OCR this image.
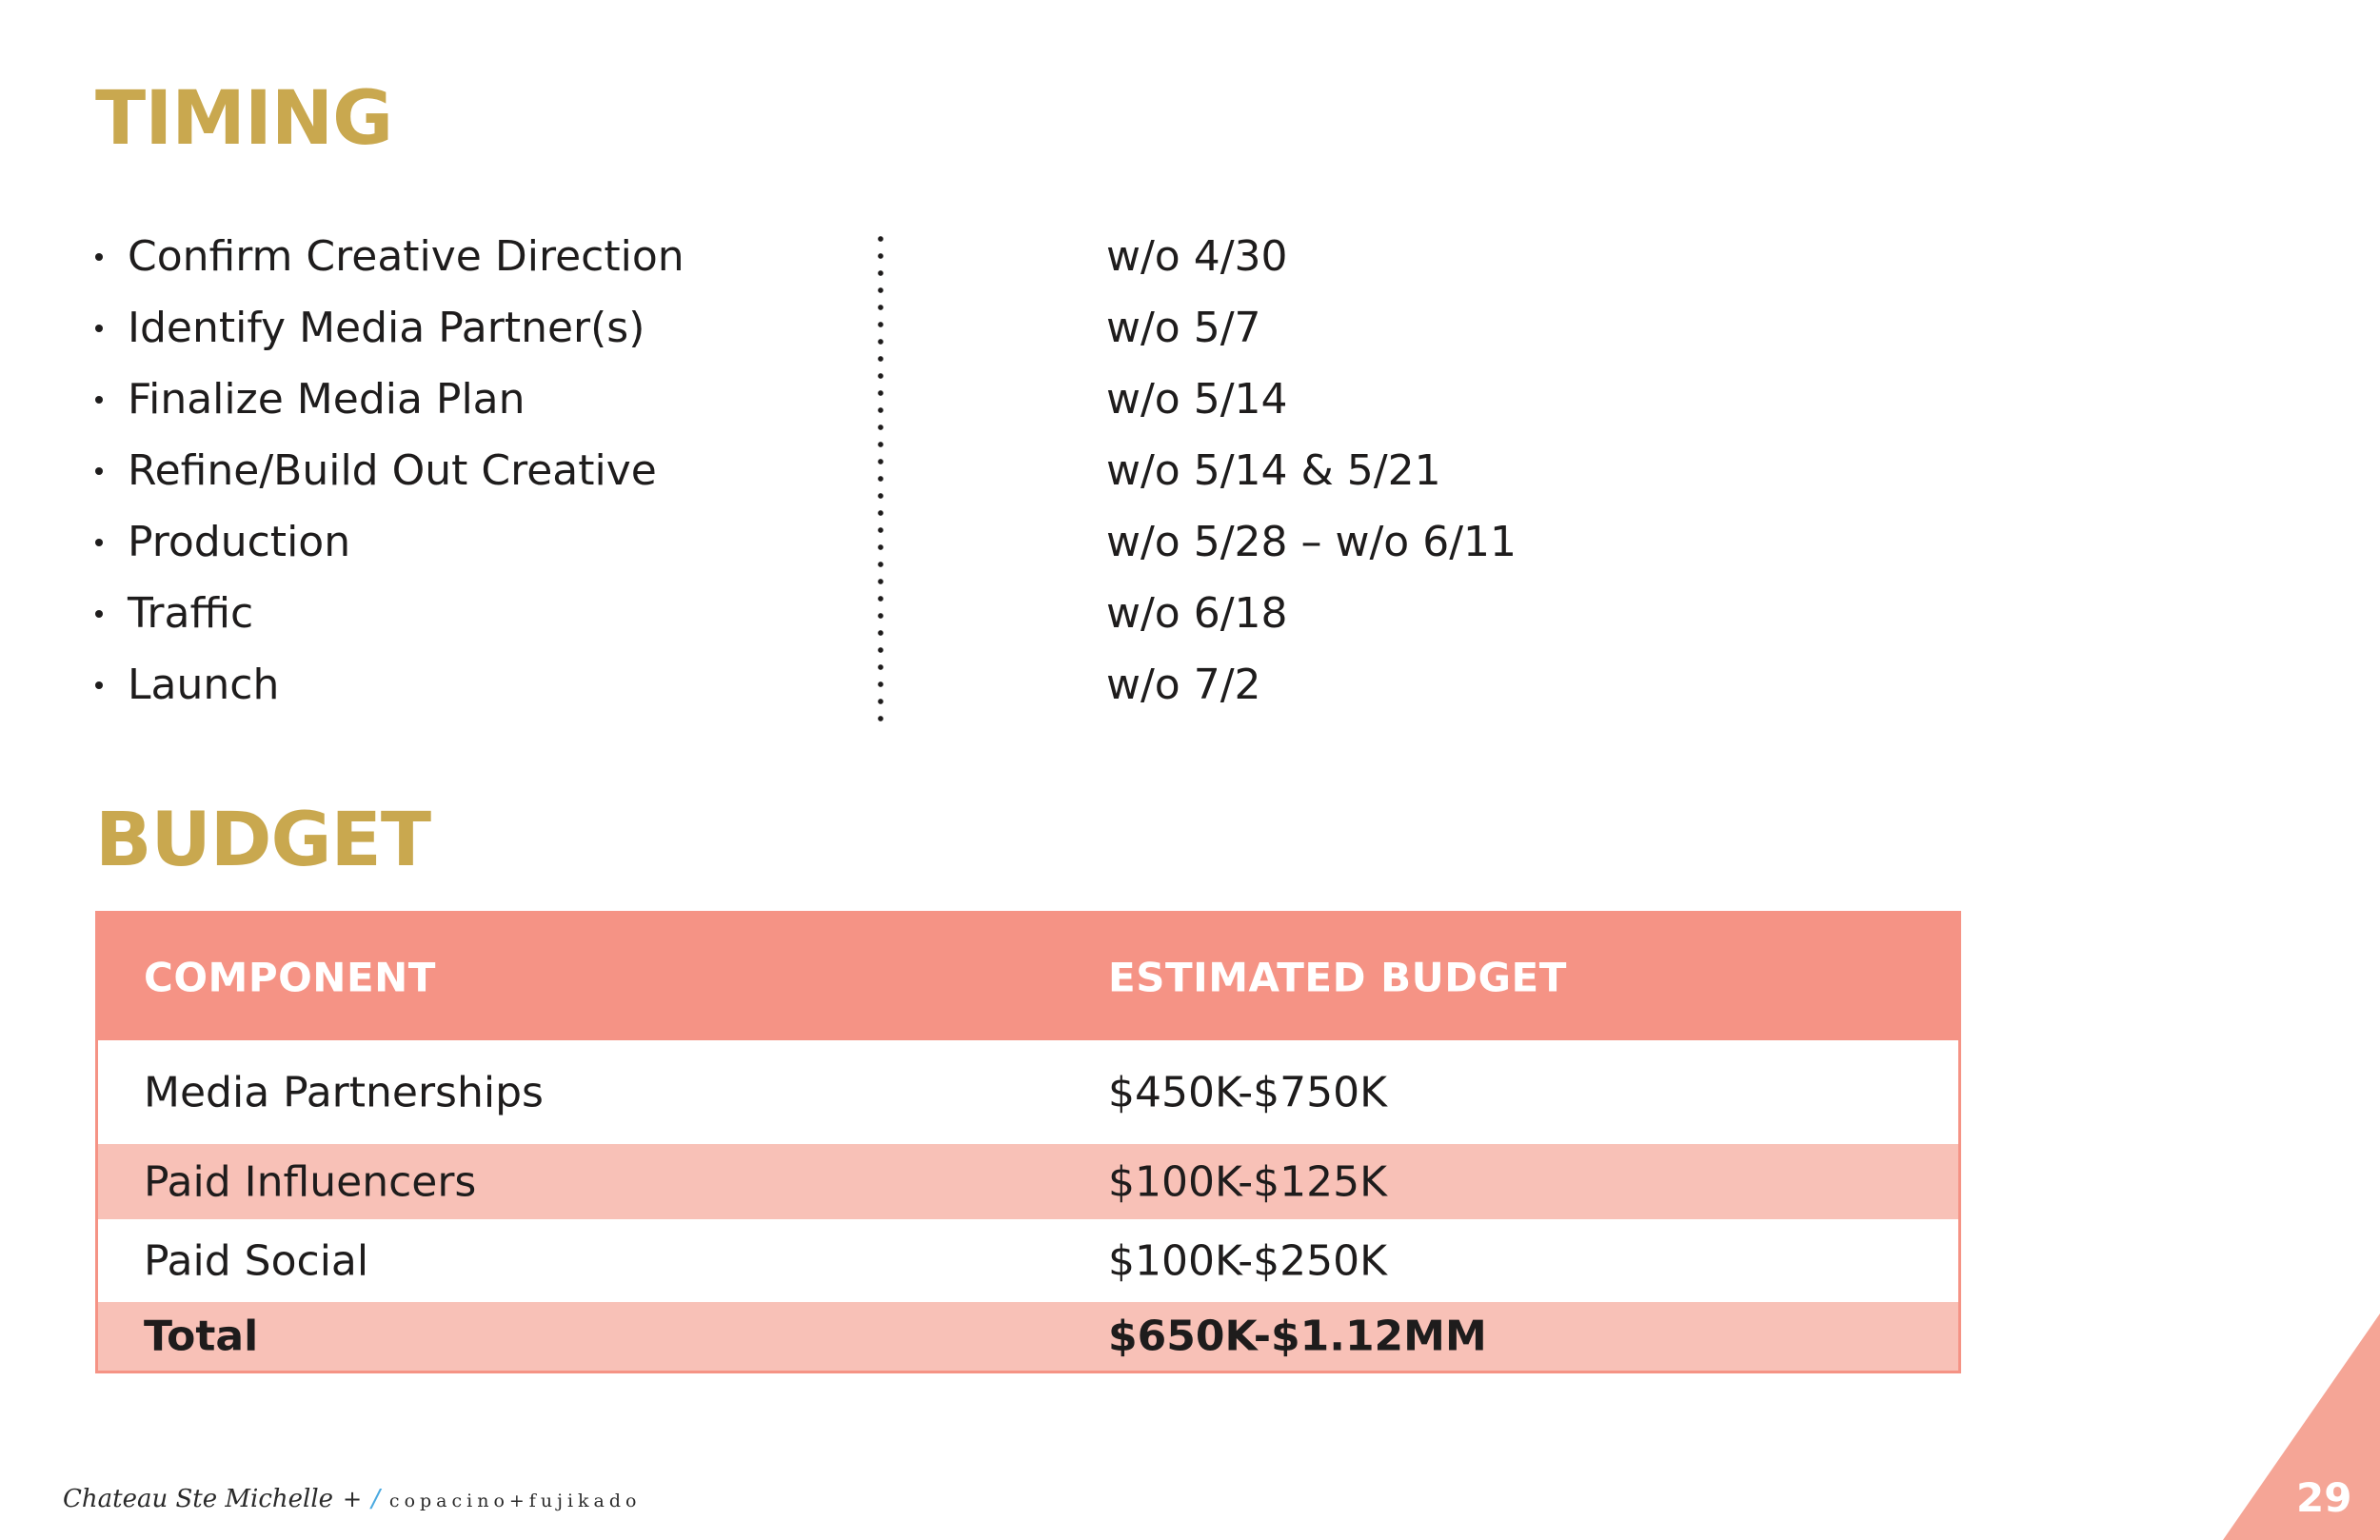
TIMING
Confirm Creative Direction	w/o 4/30
Identify Media Partner(s)	w/o 5/7
Finalize Media Plan	w/o 5/14
Refine/Build Out Creative	w/o 5/14 & 5/21
Production	w/o 5/28 – w/o 6/11
Traffic	w/o 6/18
Launch	w/o 7/2
BUDGET
COMPONENT	ESTIMATED BUDGET
Media Partnerships	$450K-$750K
Paid Influencers	$100K-$125K
Paid Social	$100K-$250K
Total	$650K-$1.12MM
Chateau Ste Michelle + / copacino+fujikado	29
